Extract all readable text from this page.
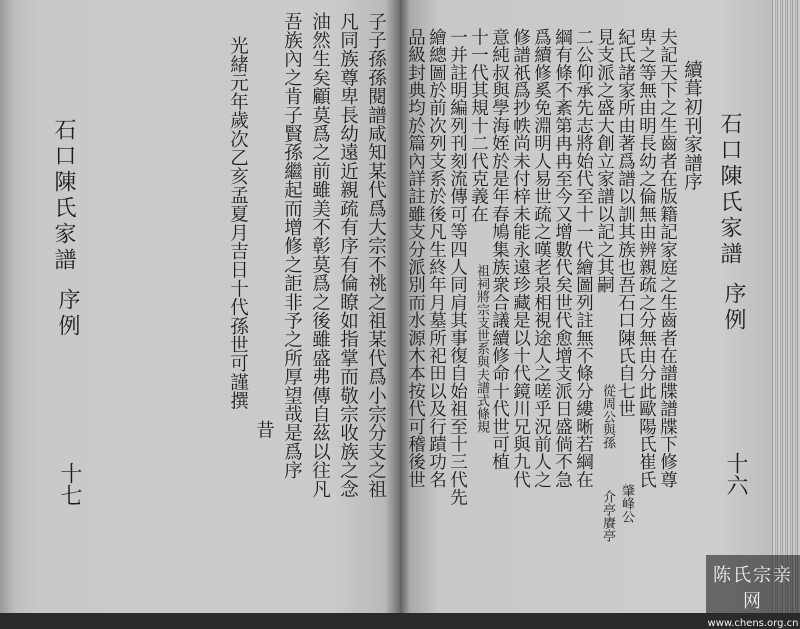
子子孫孫閱譜咸知某代爲大宗不祧之祖某代爲小宗分支之祖
凡同族尊卑長幼遠近親疏有序有倫瞭如指掌而敬宗收族之念
油然生矣顧莫爲之前雖美不彰莫爲之後雖盛弗傳自茲以往凡
吾族內之肯子賢孫繼起而增修之詎非予之所厚望哉是爲序
昔
光緒元年歲次乙亥孟夏月吉日十代孫世可謹撰
石口陳氏家譜
序例
十七
石口陳氏家譜
序例
十六
續葺初刊家譜序
夫記天下之生齒者在版籍記家庭之生齒者在譜牒譜牒下修尊
卑之等無由明長幼之倫無由辨親疏之分無由分此歐陽氏崔氏
紀氏諸家所由著爲譜以訓其族也吾石口陳氏自七世
肇峰公
見支派之盛大創立家譜以記之其嗣
從周公與孫
介亭賡亭
二公仰承先志將始代至十一代繪圖列註無不條分縷晰若綱在
綱有條不紊第冉冉至今又增數代矣世代愈增支派日盛倘不急
爲續修奚免淵明人易世疏之嘆老泉相視途人之嗟乎況前人之
修譜祇爲抄帙尚未付梓未能永遠珍藏是以十代鏡川兄與九代
意純叔與學海姪於是年春鳩集族衆合議續修命十代世可植
十一代其規十二代克義在
祖祠將宗支世系與夫譜式條規
一并註明編列刊刻流傳可等四人同肩其事復自始祖至十三代先
繪總圖於前次列支系於後凡生終年月墓所祀田以及行蹟功名
品級封典均於篇內詳註雖支分派別而水源木本按代可稽後世
陈氏宗亲网
www.chens.org.cn
